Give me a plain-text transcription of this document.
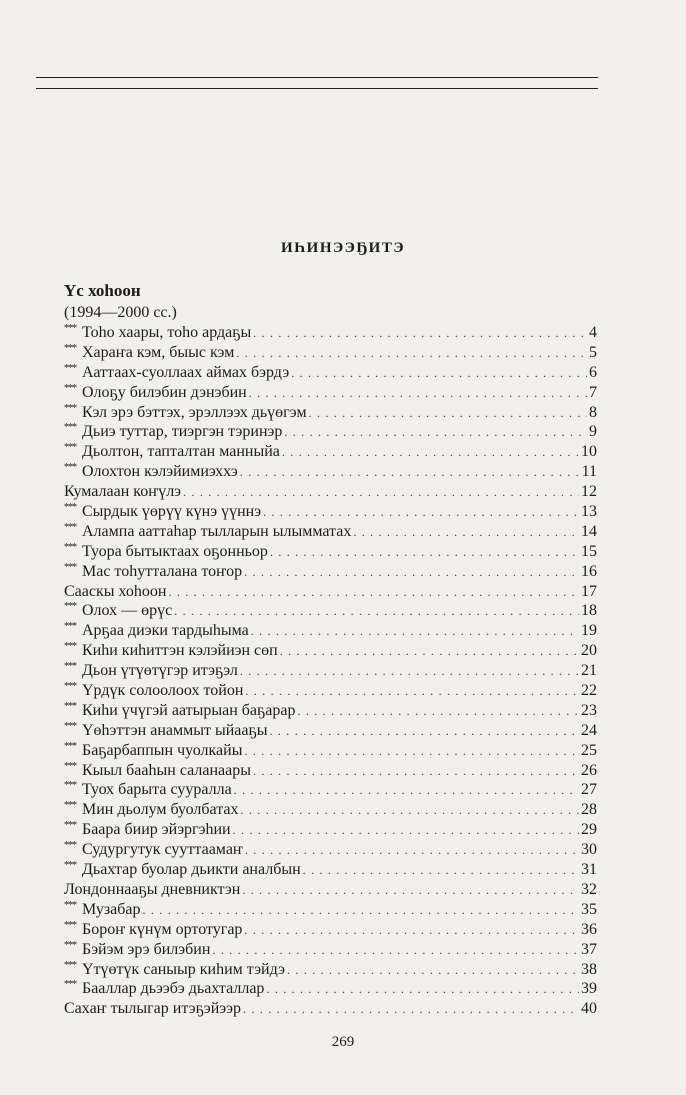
ИҺИНЭЭҔИТЭ
Үс хоһоон
(1994—2000 сс.)
*** Тоһо хаары, тоһо ардаҕы . . .	4
*** Хараҥа кэм, быыс кэм . . .	5
*** Ааттаах-суоллаах аймах бэрдэ . . .	6
*** Олоҕу билэбин дэнэбин . . .	7
*** Кэл эрэ бэттэх, эрэллээх дьүөгэм . . .	8
*** Дьиэ туттар, тиэргэн тэринэр . . .	9
*** Дьолтон, тапталтан манныйа . . .	10
*** Олохтон кэлэйимиэххэ . . .	11
Кумалаан коҥүлэ . . .	12
*** Сырдык үөрүү күнэ үүннэ . . .	13
*** Алампа ааттаһар тылларын ылымматах . . .	14
*** Туора бытыктаах оҕонньор . . .	15
*** Мас тоһутталана тоҥор . . .	16
Сааскы хоһоон . . .	17
*** Олох — өрүс . . .	18
*** Арҕаа диэки тардыһыма . . .	19
*** Киһи киһиттэн кэлэйиэн сөп . . .	20
*** Дьон үтүөтүгэр итэҕэл . . .	21
*** Үрдүк солоолоох тойон . . .	22
*** Киһи үчүгэй аатырыан баҕарар . . .	23
*** Үөһэттэн анаммыт ыйааҕы . . .	24
*** Баҕарбаппын чуолкайы . . .	25
*** Кыыл бааһын саланаары . . .	26
*** Туох барыта сууралла . . .	27
*** Мин дьолум буолбатах . . .	28
*** Баара биир эйэргэһии . . .	29
*** Судургутук сууттаамаҥ . . .	30
*** Дьахтар буолар дьикти аналбын . . .	31
Лондоннааҕы дневниктэн . . .	32
*** Музабар . . .	35
*** Бороҥ күнүм ортотугар . . .	36
*** Бэйэм эрэ билэбин . . .	37
*** Үтүөтүк саныыр киһим тэйдэ . . .	38
*** Бааллар дьээбэ дьахталлар . . .	39
Сахаҥ тылыгар итэҕэйээр . . .	40
269
